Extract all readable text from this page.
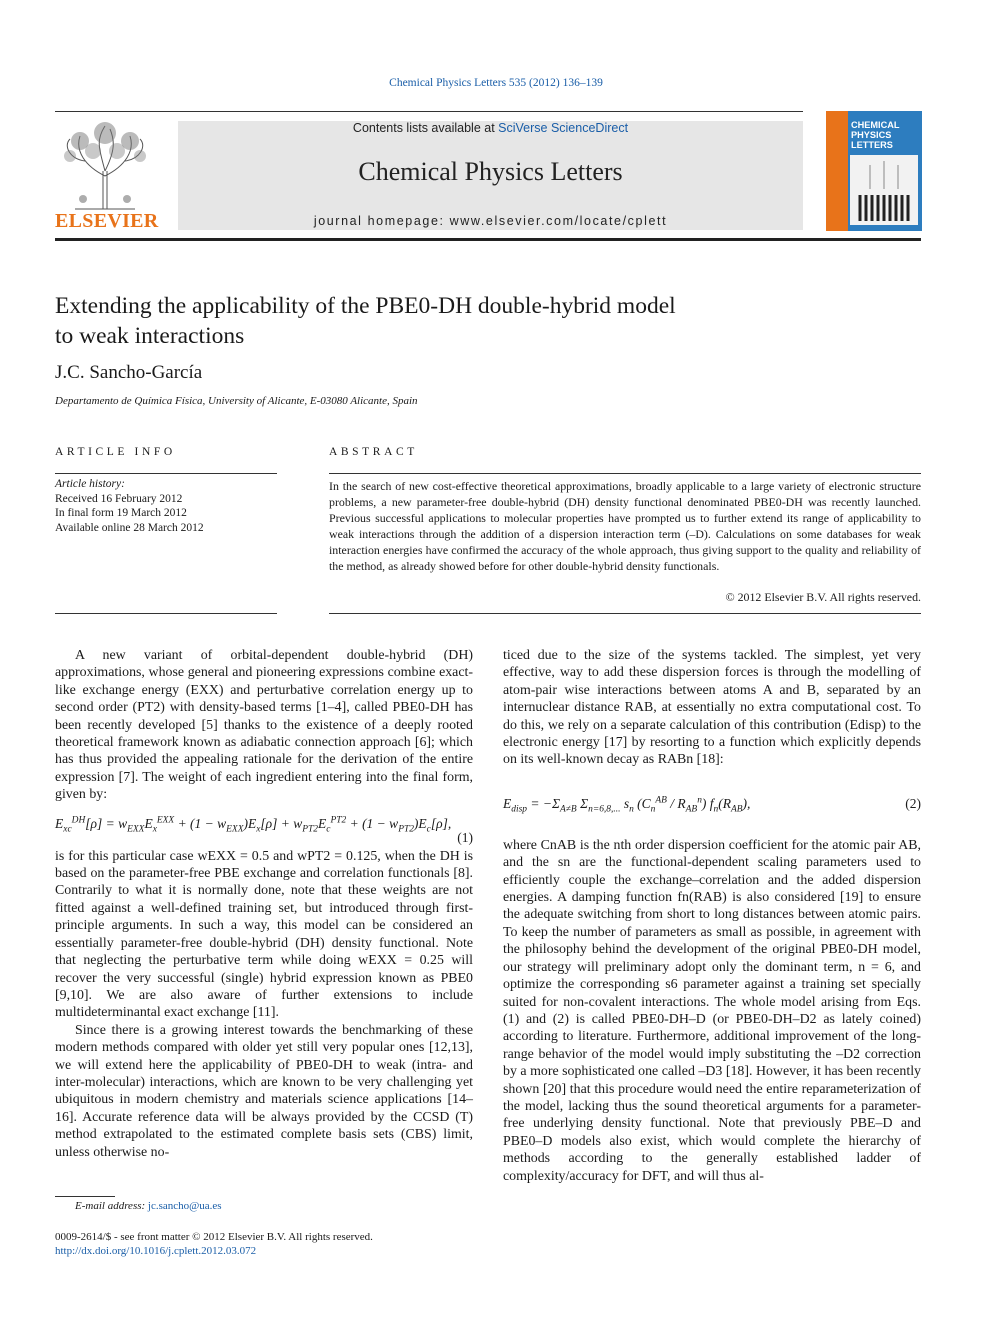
Chemical Physics Letters 535 (2012) 136–139
ELSEVIER
Contents lists available at SciVerse ScienceDirect
Chemical Physics Letters
journal homepage: www.elsevier.com/locate/cplett
CHEMICAL
PHYSICS
LETTERS
Extending the applicability of the PBE0-DH double-hybrid model
to weak interactions
J.C. Sancho-García
Departamento de Química Física, University of Alicante, E-03080 Alicante, Spain
ARTICLE INFO
Article history:
Received 16 February 2012
In final form 19 March 2012
Available online 28 March 2012
ABSTRACT
In the search of new cost-effective theoretical approximations, broadly applicable to a large variety of electronic structure problems, a new parameter-free double-hybrid (DH) density functional denominated PBE0-DH was recently launched. Previous successful applications to molecular properties have prompted us to further extend its range of applicability to weak interactions through the addition of a dispersion interaction term (–D). Calculations on some databases for weak interaction energies have confirmed the accuracy of the whole approach, thus giving support to the quality and reliability of the method, as already showed before for other double-hybrid density functionals.
© 2012 Elsevier B.V. All rights reserved.

A new variant of orbital-dependent double-hybrid (DH) approximations, whose general and pioneering expressions combine exact-like exchange energy (EXX) and perturbative correlation energy up to second order (PT2) with density-based terms [1–4], called PBE0-DH has been recently developed [5] thanks to the existence of a deeply rooted theoretical framework known as adiabatic connection approach [6]; which has thus provided the appealing rationale for the derivation of the entire expression [7]. The weight of each ingredient entering into the final form, given by:

$E_{xc}^{DH}[\rho] = w_{EXX}E_x^{EXX} + (1 - w_{EXX})E_x[\rho] + w_{PT2}E_c^{PT2} + (1 - w_{PT2})E_c[\rho]$,
(1)

is for this particular case wEXX = 0.5 and wPT2 = 0.125, when the DH is based on the parameter-free PBE exchange and correlation functionals [8]. Contrarily to what it is normally done, note that these weights are not fitted against a well-defined training set, but introduced through first-principle arguments. In such a way, this model can be considered an essentially parameter-free double-hybrid (DH) density functional. Note that neglecting the perturbative term while doing wEXX = 0.25 will recover the very successful (single) hybrid expression known as PBE0 [9,10]. We are also aware of further extensions to include multideterminantal exact exchange [11].

Since there is a growing interest towards the benchmarking of these modern methods compared with older yet still very popular ones [12,13], we will extend here the applicability of PBE0-DH to weak (intra- and inter-molecular) interactions, which are known to be very challenging yet ubiquitous in modern chemistry and materials science applications [14–16]. Accurate reference data will be always provided by the CCSD (T) method extrapolated to the estimated complete basis sets (CBS) limit, unless otherwise no-

ticed due to the size of the systems tackled. The simplest, yet very effective, way to add these dispersion forces is through the modelling of atom-pair wise interactions between atoms A and B, separated by an internuclear distance RAB, at essentially no extra computational cost. To do this, we rely on a separate calculation of this contribution (Edisp) to the electronic energy [17] by resorting to a function which explicitly depends on its well-known decay as RABn [18]:

$E_{disp} = -\Sigma_{A\ne B}$ $\Sigma_{n=6,8,...}$ $s_n$ $(C_n^{AB} / R_{AB}^n)$ $f_n(R_{AB})$,	(2)

where CnAB is the nth order dispersion coefficient for the atomic pair AB, and the sn are the functional-dependent scaling parameters used to efficiently couple the exchange–correlation and the added dispersion energies. A damping function fn(RAB) is also considered [19] to ensure the adequate switching from short to long distances between atomic pairs. To keep the number of parameters as small as possible, in agreement with the philosophy behind the development of the original PBE0-DH model, our strategy will preliminary adopt only the dominant term, n = 6, and optimize the corresponding s6 parameter against a training set specially suited for non-covalent interactions. The whole model arising from Eqs. (1) and (2) is called PBE0-DH–D (or PBE0-DH–D2 as lately coined) according to literature. Furthermore, additional improvement of the long-range behavior of the model would imply substituting the –D2 correction by a more sophisticated one called –D3 [18]. However, it has been recently shown [20] that this procedure would need the entire reparameterization of the model, lacking thus the sound theoretical arguments for a parameter-free underlying density functional. Note that previously PBE–D and PBE0–D models also exist, which would complete the hierarchy of methods according to the generally established ladder of complexity/accuracy for DFT, and will thus al-

E-mail address: jc.sancho@ua.es
0009-2614/$ - see front matter © 2012 Elsevier B.V. All rights reserved.
http://dx.doi.org/10.1016/j.cplett.2012.03.072
